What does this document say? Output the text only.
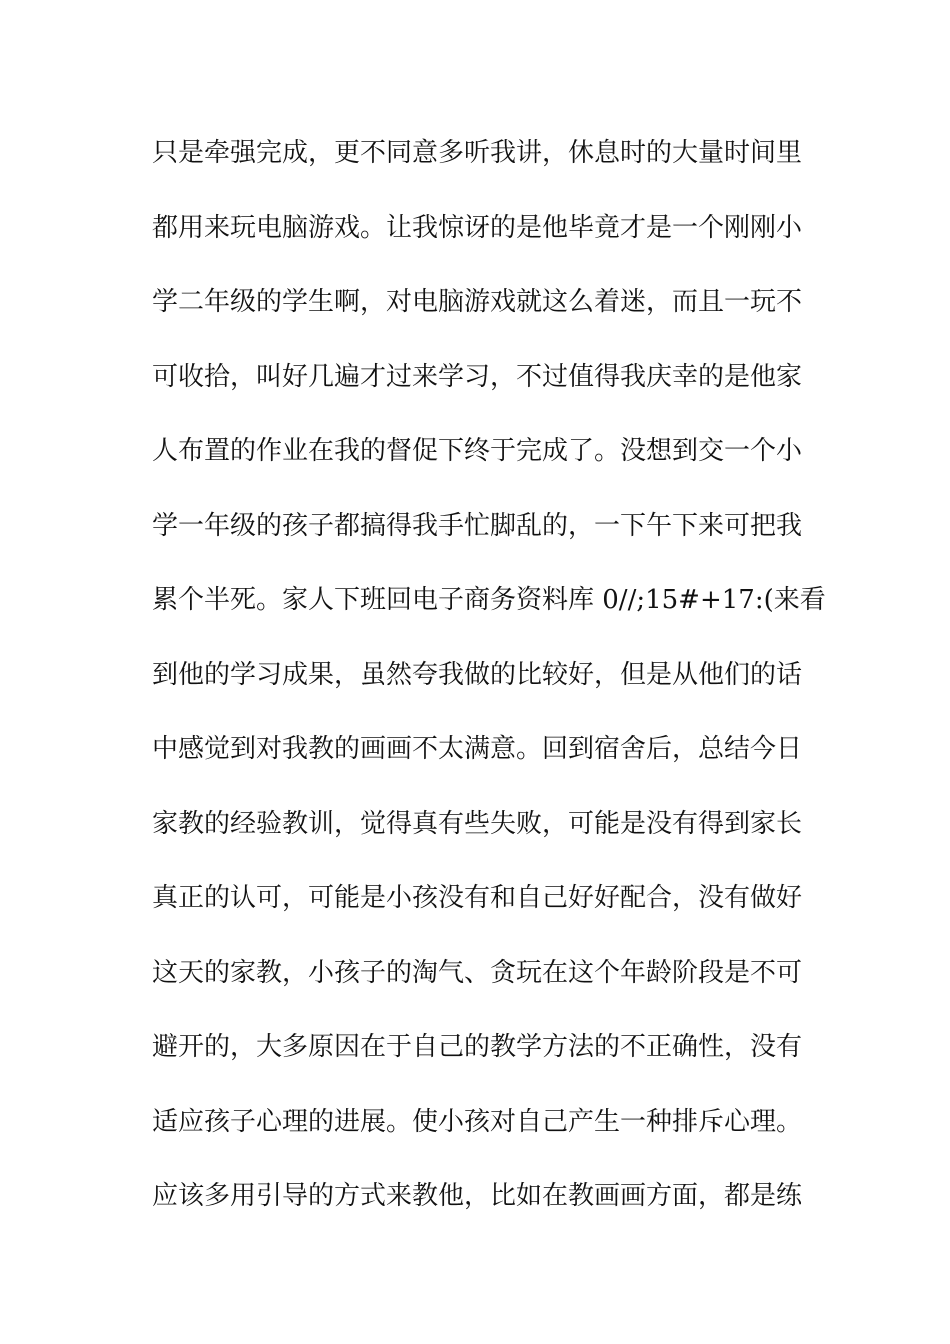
只是牵强完成，更不同意多听我讲，休息时的大量时间里
都用来玩电脑游戏。让我惊讶的是他毕竟才是一个刚刚小
学二年级的学生啊，对电脑游戏就这么着迷，而且一玩不
可收拾，叫好几遍才过来学习，不过值得我庆幸的是他家
人布置的作业在我的督促下终于完成了。没想到交一个小
学一年级的孩子都搞得我手忙脚乱的，一下午下来可把我
累个半死。家人下班回电子商务资料库 0//;15#+17:(来看
到他的学习成果，虽然夸我做的比较好，但是从他们的话
中感觉到对我教的画画不太满意。回到宿舍后，总结今日
家教的经验教训，觉得真有些失败，可能是没有得到家长
真正的认可，可能是小孩没有和自己好好配合，没有做好
这天的家教，小孩子的淘气、贪玩在这个年龄阶段是不可
避开的，大多原因在于自己的教学方法的不正确性，没有
适应孩子心理的进展。使小孩对自己产生一种排斥心理。
应该多用引导的方式来教他，比如在教画画方面，都是练
